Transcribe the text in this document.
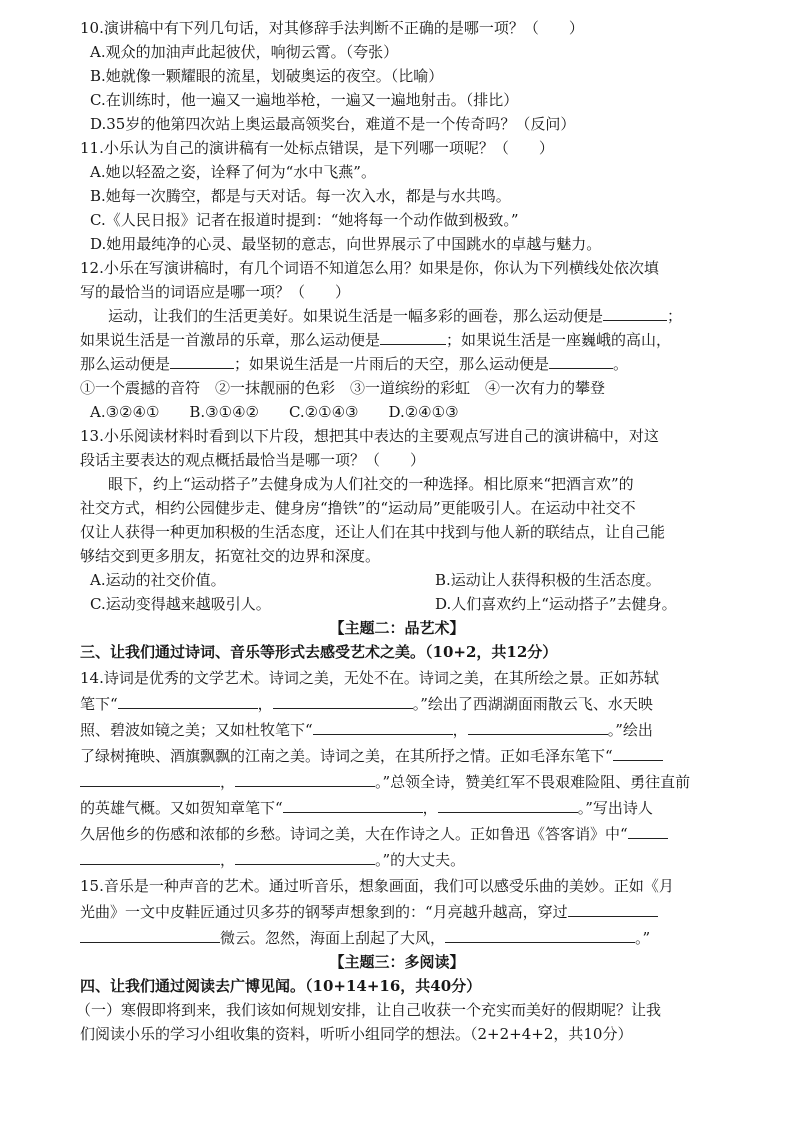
10.演讲稿中有下列几句话，对其修辞手法判断不正确的是哪一项？（　　）
A.观众的加油声此起彼伏，响彻云霄。（夸张）
B.她就像一颗耀眼的流星，划破奥运的夜空。（比喻）
C.在训练时，他一遍又一遍地举枪，一遍又一遍地射击。（排比）
D.35岁的他第四次站上奥运最高领奖台，难道不是一个传奇吗？（反问）
11.小乐认为自己的演讲稿有一处标点错误，是下列哪一项呢？（　　）
A.她以轻盈之姿，诠释了何为“水中飞燕”。
B.她每一次腾空，都是与天对话。每一次入水，都是与水共鸣。
C.《人民日报》记者在报道时提到：“她将每一个动作做到极致。”
D.她用最纯净的心灵、最坚韧的意志，向世界展示了中国跳水的卓越与魅力。
12.小乐在写演讲稿时，有几个词语不知道怎么用？如果是你，你认为下列横线处依次填
写的最恰当的词语应是哪一项？（　　）
运动，让我们的生活更美好。如果说生活是一幅多彩的画卷，那么运动便是	；
如果说生活是一首激昂的乐章，那么运动便是	；如果说生活是一座巍峨的高山，
那么运动便是	；如果说生活是一片雨后的天空，那么运动便是	。
①一个震撼的音符　②一抹靓丽的色彩　③一道缤纷的彩虹　④一次有力的攀登
A.③②④①　　B.③①④②　　C.②①④③　　D.②④①③
13.小乐阅读材料时看到以下片段，想把其中表达的主要观点写进自己的演讲稿中，对这
段话主要表达的观点概括最恰当是哪一项？（　　）
眼下，约上“运动搭子”去健身成为人们社交的一种选择。相比原来“把酒言欢”的
社交方式，相约公园健步走、健身房“撸铁”的“运动局”更能吸引人。在运动中社交不
仅让人获得一种更加积极的生活态度，还让人们在其中找到与他人新的联结点，让自己能
够结交到更多朋友，拓宽社交的边界和深度。
A.运动的社交价值。	B.运动让人获得积极的生活态度。
C.运动变得越来越吸引人。	D.人们喜欢约上“运动搭子”去健身。
【主题二：品艺术】
三、让我们通过诗词、音乐等形式去感受艺术之美。（10+2，共12分）
14.诗词是优秀的文学艺术。诗词之美，无处不在。诗词之美，在其所绘之景。正如苏轼
笔下“	，	。”绘出了西湖湖面雨散云飞、水天映
照、碧波如镜之美；又如杜牧笔下“	，	。”绘出
了绿树掩映、酒旗飘飘的江南之美。诗词之美，在其所抒之情。正如毛泽东笔下“
，	。”总领全诗，赞美红军不畏艰难险阻、勇往直前
的英雄气概。又如贺知章笔下“	，	。”写出诗人
久居他乡的伤感和浓郁的乡愁。诗词之美，大在作诗之人。正如鲁迅《答客诮》中“
，	。”的大丈夫。
15.音乐是一种声音的艺术。通过听音乐，想象画面，我们可以感受乐曲的美妙。正如《月
光曲》一文中皮鞋匠通过贝多芬的钢琴声想象到的：“月亮越升越高，穿过
微云。忽然，海面上刮起了大风，	。”
【主题三：多阅读】
四、让我们通过阅读去广博见闻。（10+14+16，共40分）
（一）寒假即将到来，我们该如何规划安排，让自己收获一个充实而美好的假期呢？让我
们阅读小乐的学习小组收集的资料，听听小组同学的想法。（2+2+4+2，共10分）
